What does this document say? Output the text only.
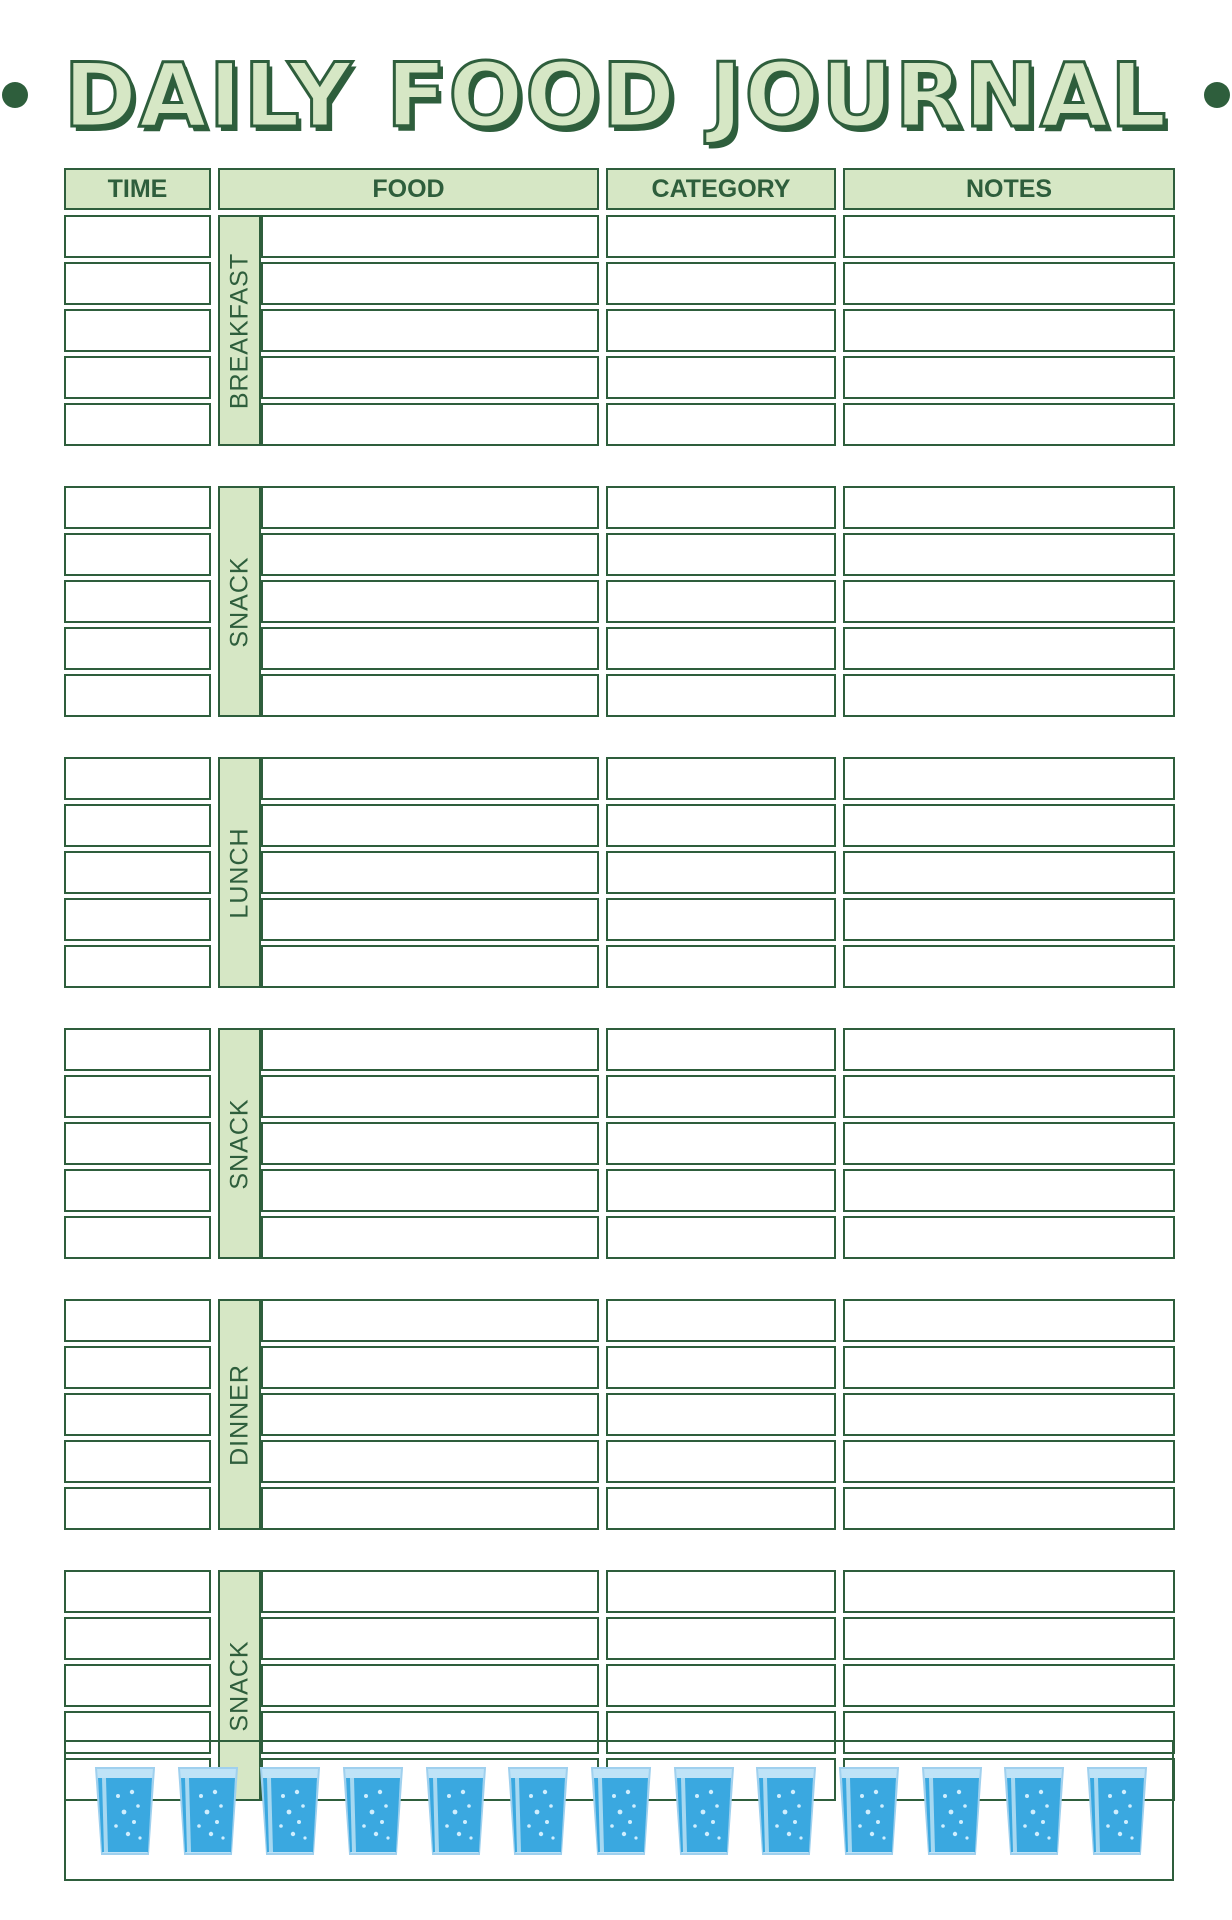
DAILY FOOD JOURNAL
TIME	FOOD	CATEGORY	NOTES
BREAKFAST
SNACK
LUNCH
SNACK
DINNER
SNACK
